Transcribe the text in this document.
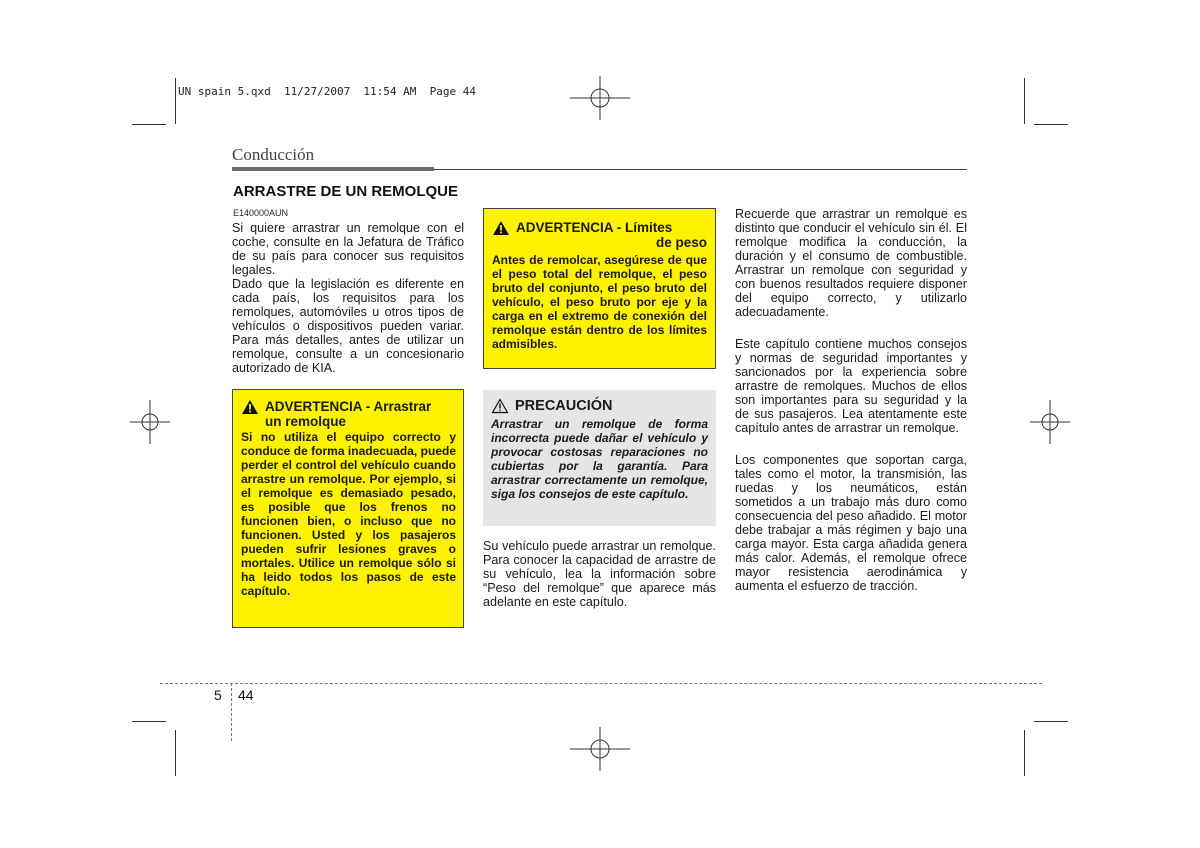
UN spain 5.qxd  11/27/2007  11:54 AM  Page 44
Conducción
ARRASTRE DE UN REMOLQUE
E140000AUN

Si quiere arrastrar un remolque con el coche, consulte en la Jefatura de Tráfico de su país para conocer sus requisitos legales.

Dado que la legislación es diferente en cada país, los requisitos para los remolques, automóviles u otros tipos de vehículos o dispositivos pueden variar. Para más detalles, antes de utilizar un remolque, consulte a un concesionario autorizado de KIA.

ADVERTENCIA - Arrastrar
un remolque
Si no utiliza el equipo correcto y conduce de forma inadecuada, puede perder el control del vehículo cuando arrastre un remolque. Por ejemplo, si el remolque es demasiado pesado, es posible que los frenos no funcionen bien, o incluso que no funcionen. Usted y los pasajeros pueden sufrir lesiones graves o mortales. Utilice un remolque sólo si ha leido todos los pasos de este capítulo.
ADVERTENCIA - Límites
de peso
Antes de remolcar, asegúrese de que el peso total del remolque, el peso bruto del conjunto, el peso bruto del vehículo, el peso bruto por eje y la carga en el extremo de conexión del remolque están dentro de los límites admisibles.
PRECAUCIÓN
Arrastrar un remolque de forma incorrecta puede dañar el vehículo y provocar costosas reparaciones no cubiertas por la garantía. Para arrastrar correctamente un remolque, siga los consejos de este capítulo.

Su vehículo puede arrastrar un remolque. Para conocer la capacidad de arrastre de su vehículo, lea la información sobre “Peso del remolque” que aparece más adelante en este capítulo.

Recuerde que arrastrar un remolque es distinto que conducir el vehículo sin él. El remolque modifica la conducción, la duración y el consumo de combustible. Arrastrar un remolque con seguridad y con buenos resultados requiere disponer del equipo correcto, y utilizarlo adecuadamente.

Este capítulo contiene muchos consejos y normas de seguridad importantes y sancionados por la experiencia sobre arrastre de remolques. Muchos de ellos son importantes para su seguridad y la de sus pasajeros. Lea atentamente este capítulo antes de arrastrar un remolque.

Los componentes que soportan carga, tales como el motor, la transmisión, las ruedas y los neumáticos, están sometidos a un trabajo más duro como consecuencia del peso añadido. El motor debe trabajar a más régimen y bajo una carga mayor. Esta carga añadida genera más calor. Además, el remolque ofrece mayor resistencia aerodinámica y aumenta el esfuerzo de tracción.

5 44
